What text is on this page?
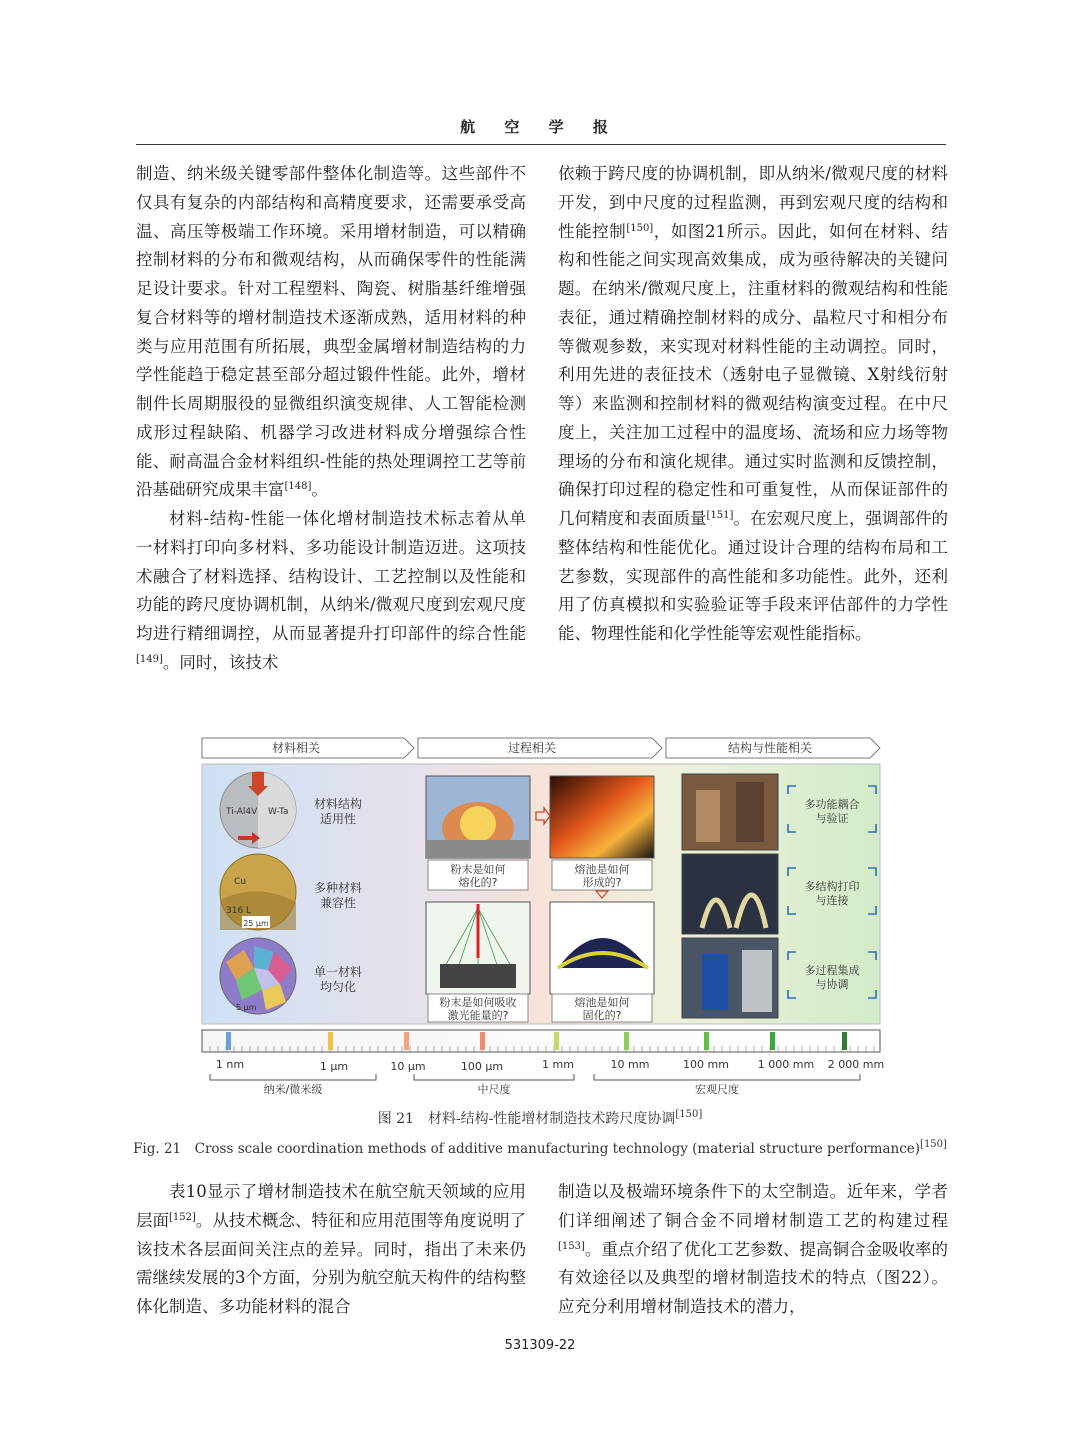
航 空 学 报

制造、纳米级关键零部件整体化制造等。这些部件不仅具有复杂的内部结构和高精度要求，还需要承受高温、高压等极端工作环境。采用增材制造，可以精确控制材料的分布和微观结构，从而确保零件的性能满足设计要求。针对工程塑料、陶瓷、树脂基纤维增强复合材料等的增材制造技术逐渐成熟，适用材料的种类与应用范围有所拓展，典型金属增材制造结构的力学性能趋于稳定甚至部分超过锻件性能。此外，增材制件长周期服役的显微组织演变规律、人工智能检测成形过程缺陷、机器学习改进材料成分增强综合性能、耐高温合金材料组织-性能的热处理调控工艺等前沿基础研究成果丰富[148]。

材料-结构-性能一体化增材制造技术标志着从单一材料打印向多材料、多功能设计制造迈进。这项技术融合了材料选择、结构设计、工艺控制以及性能和功能的跨尺度协调机制，从纳米/微观尺度到宏观尺度均进行精细调控，从而显著提升打印部件的综合性能[149]。同时，该技术

依赖于跨尺度的协调机制，即从纳米/微观尺度的材料开发，到中尺度的过程监测，再到宏观尺度的结构和性能控制[150]，如图21所示。因此，如何在材料、结构和性能之间实现高效集成，成为亟待解决的关键问题。在纳米/微观尺度上，注重材料的微观结构和性能表征，通过精确控制材料的成分、晶粒尺寸和相分布等微观参数，来实现对材料性能的主动调控。同时，利用先进的表征技术（透射电子显微镜、X射线衍射等）来监测和控制材料的微观结构演变过程。在中尺度上，关注加工过程中的温度场、流场和应力场等物理场的分布和演化规律。通过实时监测和反馈控制，确保打印过程的稳定性和可重复性，从而保证部件的几何精度和表面质量[151]。在宏观尺度上，强调部件的整体结构和性能优化。通过设计合理的结构布局和工艺参数，实现部件的高性能和多功能性。此外，还利用了仿真模拟和实验验证等手段来评估部件的力学性能、物理性能和化学性能等宏观性能指标。

材料相关	过程相关	结构与性能相关
Ti-Al4V W-Ta
Cu
316 L
25 μm
5 μm
材料结构
适用性
多种材料
兼容性
单一材料
均匀化
粉末是如何
熔化的?
熔池是如何
形成的?
粉末是如何吸收
激光能量的?
熔池是如何
固化的?
多功能耦合
与验证
多结构打印
与连接
多过程集成
与协调
1 nm	1 μm	10 μm	100 μm	1 mm	10 mm	100 mm	1 000 mm 2 000 mm
纳米/微米级	中尺度	宏观尺度
图 21　材料-结构-性能增材制造技术跨尺度协调[150]
Fig. 21　Cross scale coordination methods of additive manufacturing technology (material structure performance)[150]

表10显示了增材制造技术在航空航天领域的应用层面[152]。从技术概念、特征和应用范围等角度说明了该技术各层面间关注点的差异。同时，指出了未来仍需继续发展的3个方面，分别为航空航天构件的结构整体化制造、多功能材料的混合

制造以及极端环境条件下的太空制造。近年来，学者们详细阐述了铜合金不同增材制造工艺的构建过程[153]。重点介绍了优化工艺参数、提高铜合金吸收率的有效途径以及典型的增材制造技术的特点（图22）。应充分利用增材制造技术的潜力，

531309-22
